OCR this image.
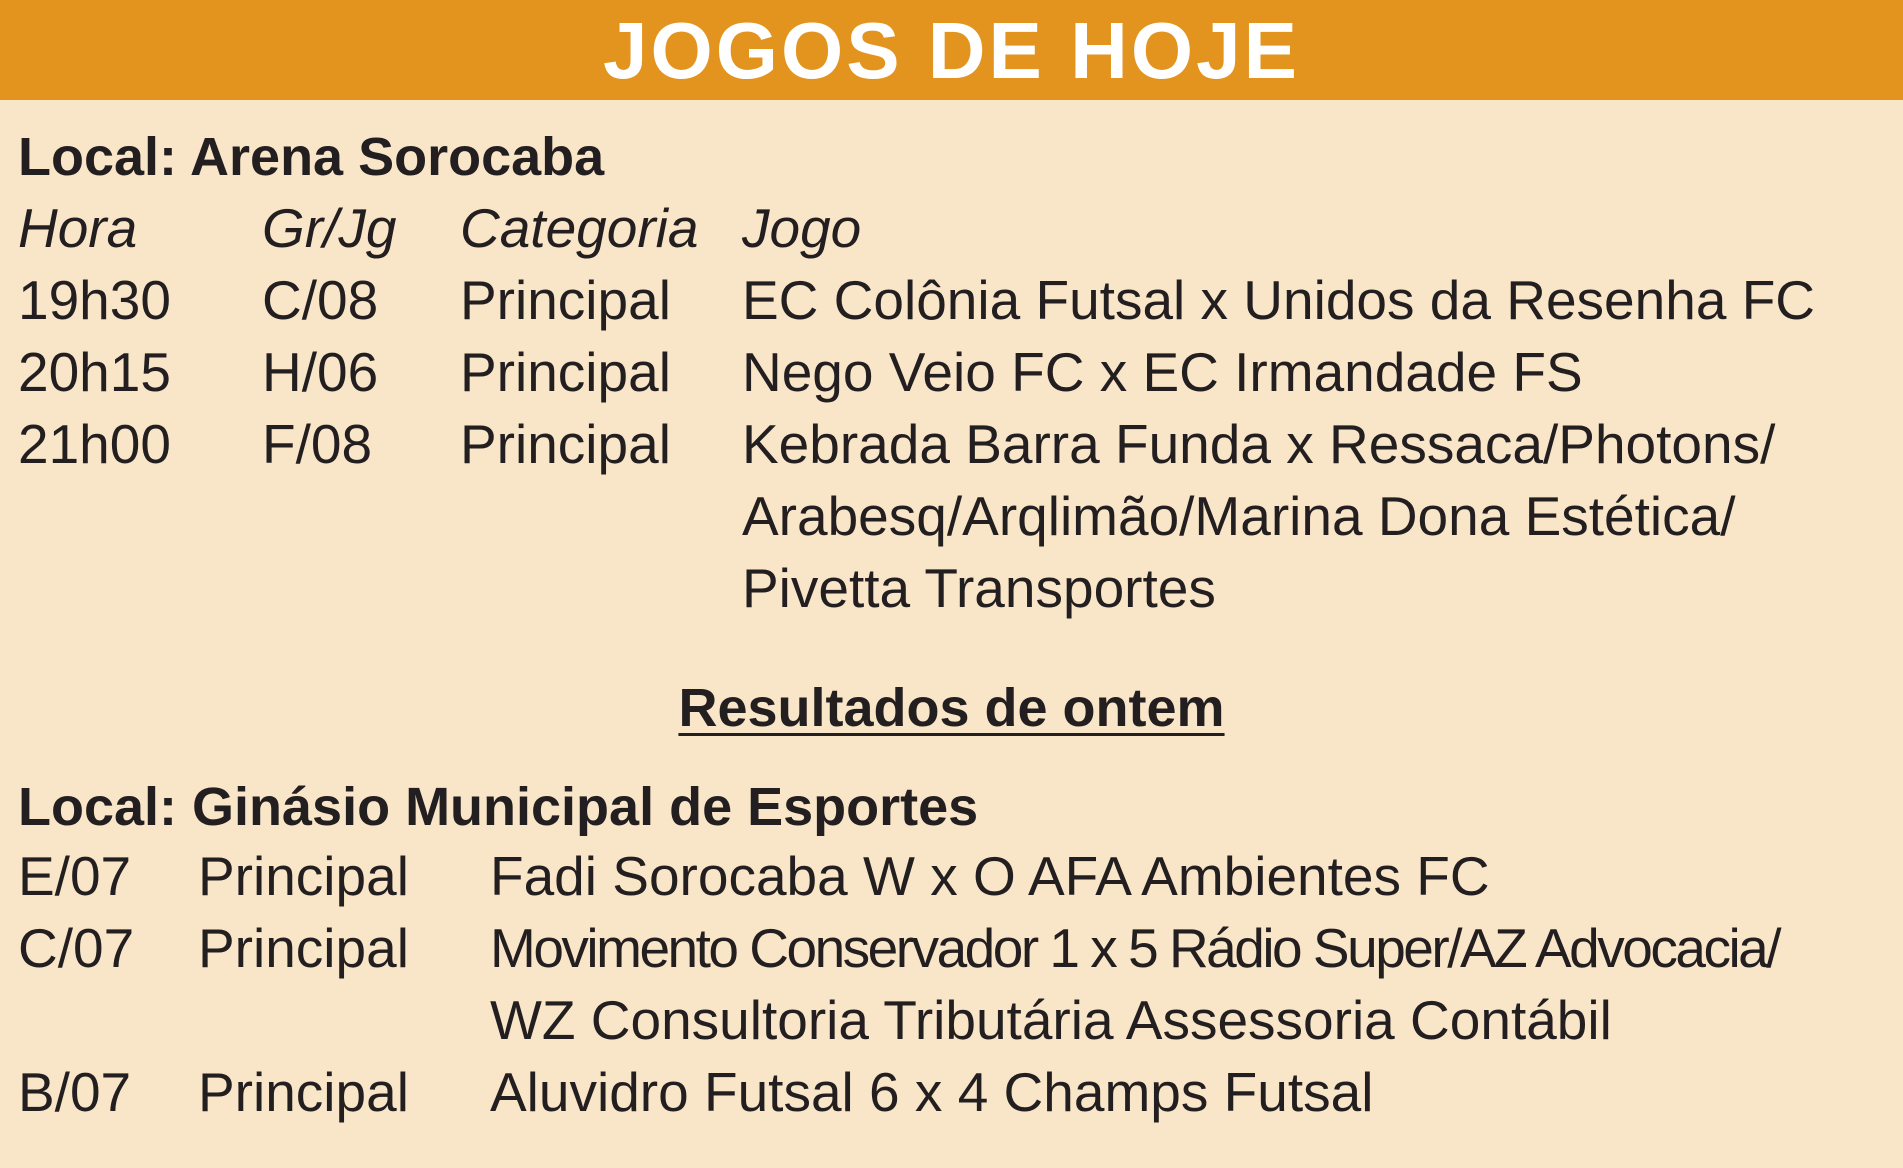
JOGOS DE HOJE
Local: Arena Sorocaba
Hora
19h30
20h15
21h00
Gr/Jg
C/08
H/06
F/08
Categoria
Principal
Principal
Principal
Jogo
EC Colônia Futsal x Unidos da Resenha FC
Nego Veio FC x EC Irmandade FS
Kebrada Barra Funda x Ressaca/Photons/
Arabesq/Arqlimão/Marina Dona Estética/
Pivetta Transportes
Resultados de ontem
Local: Ginásio Municipal de Esportes
E/07
C/07

B/07
Principal
Principal

Principal
Fadi Sorocaba W x O AFA Ambientes FC
Movimento Conservador 1 x 5 Rádio Super/AZ Advocacia/
WZ Consultoria Tributária Assessoria Contábil
Aluvidro Futsal 6 x 4 Champs Futsal
